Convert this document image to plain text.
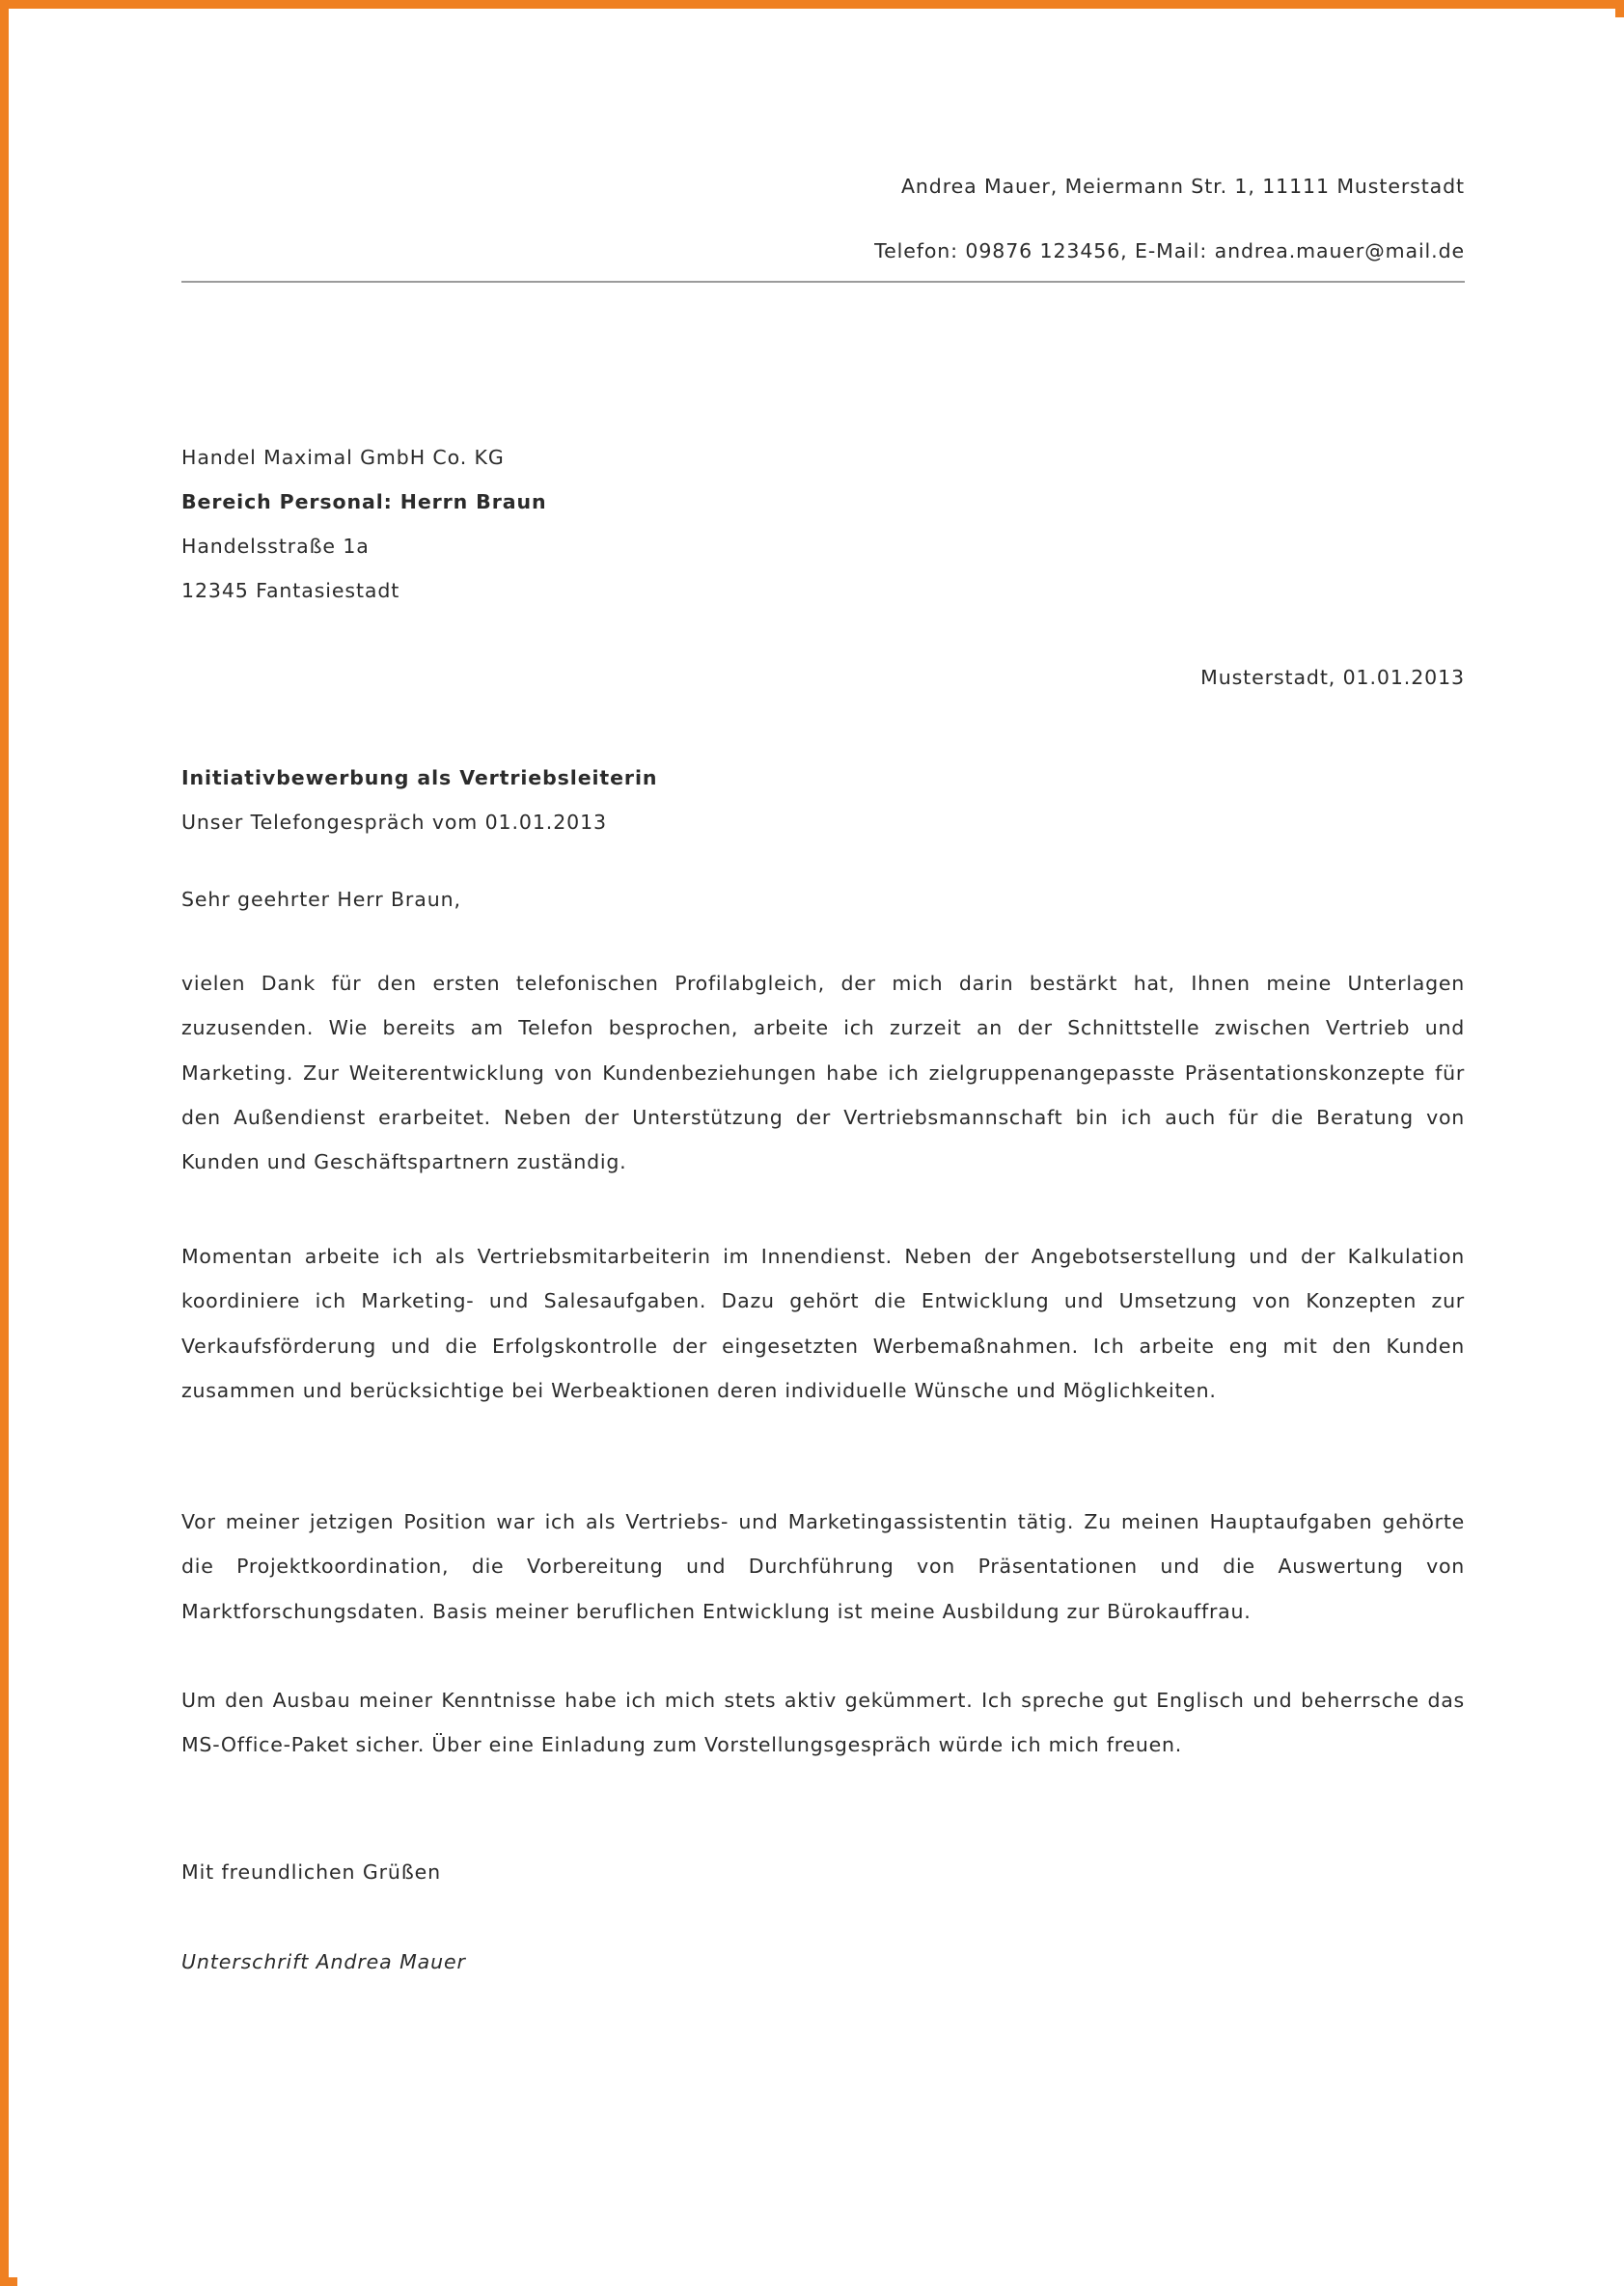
Andrea Mauer, Meiermann Str. 1, 11111 Musterstadt
Telefon: 09876 123456, E-Mail: andrea.mauer@mail.de
Handel Maximal GmbH Co. KG
Bereich Personal: Herrn Braun
Handelsstraße 1a
12345 Fantasiestadt
Musterstadt, 01.01.2013
Initiativbewerbung als Vertriebsleiterin
Unser Telefongespräch vom 01.01.2013
Sehr geehrter Herr Braun,
vielen Dank für den ersten telefonischen Profilabgleich, der mich darin bestärkt hat, Ihnen meine Unterlagen zuzusenden. Wie bereits am Telefon besprochen, arbeite ich zurzeit an der Schnittstelle zwischen Vertrieb und Marketing. Zur Weiterentwicklung von Kundenbeziehungen habe ich zielgruppenangepasste Präsentationskonzepte für den Außendienst erarbeitet. Neben der Unterstützung der Vertriebsmannschaft bin ich auch für die Beratung von Kunden und Geschäftspartnern zuständig.
Momentan arbeite ich als Vertriebsmitarbeiterin im Innendienst. Neben der Angebotserstellung und der Kalkulation koordiniere ich Marketing- und Salesaufgaben. Dazu gehört die Entwicklung und Umsetzung von Konzepten zur Verkaufsförderung und die Erfolgskontrolle der eingesetzten Werbemaßnahmen. Ich arbeite eng mit den Kunden zusammen und berücksichtige bei Werbeaktionen deren individuelle Wünsche und Möglichkeiten.
Vor meiner jetzigen Position war ich als Vertriebs- und Marketingassistentin tätig. Zu meinen Hauptaufgaben gehörte die Projektkoordination, die Vorbereitung und Durchführung von Präsentationen und die Auswertung von Marktforschungsdaten. Basis meiner beruflichen Entwicklung ist meine Ausbildung zur Bürokauffrau.
Um den Ausbau meiner Kenntnisse habe ich mich stets aktiv gekümmert. Ich spreche gut Englisch und beherrsche das MS-Office-Paket sicher. Über eine Einladung zum Vorstellungsgespräch würde ich mich freuen.
Mit freundlichen Grüßen
Unterschrift Andrea Mauer
